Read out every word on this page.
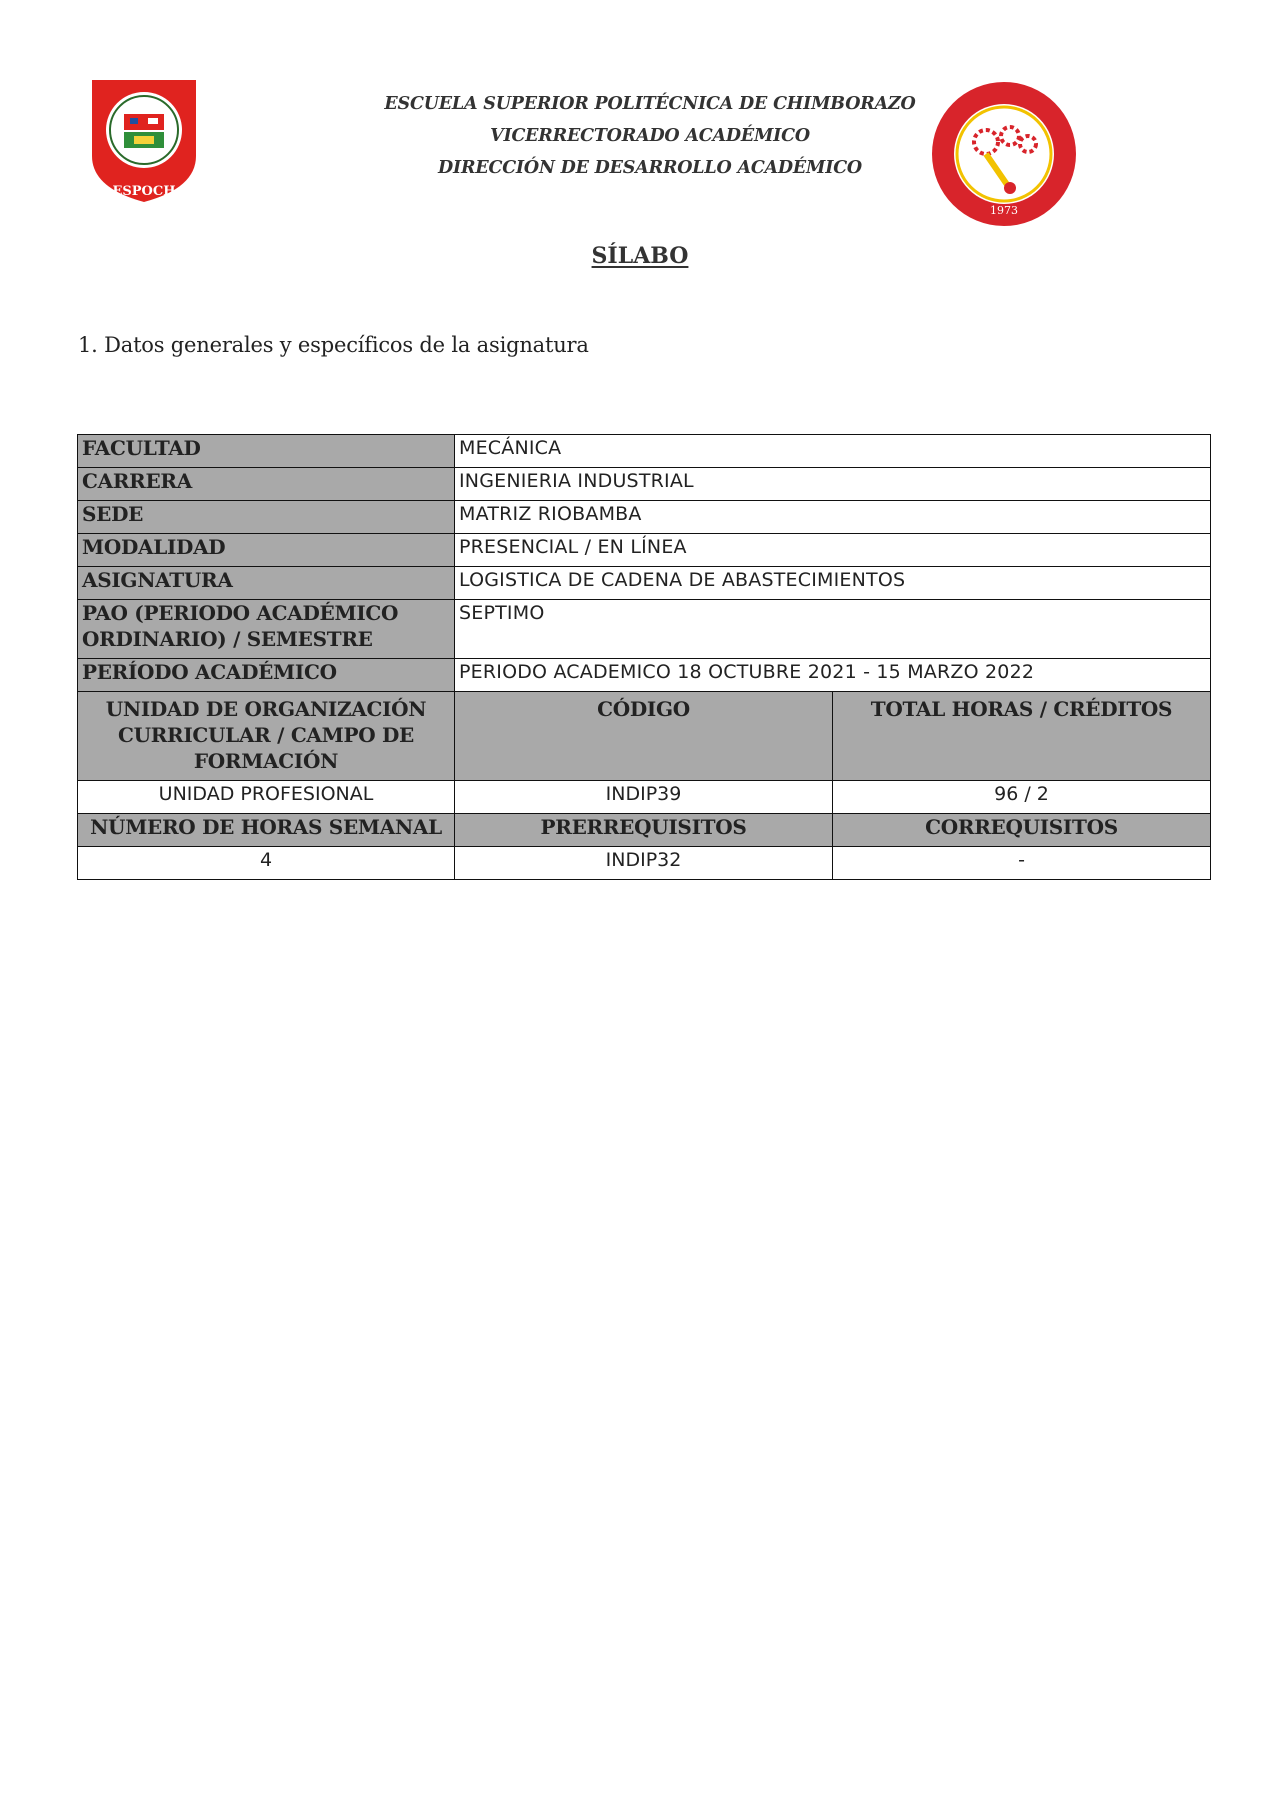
ESPOCH
1973
ESCUELA SUPERIOR POLITÉCNICA DE CHIMBORAZO
VICERRECTORADO ACADÉMICO
DIRECCIÓN DE DESARROLLO ACADÉMICO
SÍLABO
1. Datos generales y específicos de la asignatura
FACULTAD	MECÁNICA	
CARRERA	INGENIERIA INDUSTRIAL	
SEDE	MATRIZ RIOBAMBA	
MODALIDAD	PRESENCIAL / EN LÍNEA	
ASIGNATURA	LOGISTICA DE CADENA DE ABASTECIMIENTOS	
PAO (PERIODO ACADÉMICO ORDINARIO) / SEMESTRE	SEPTIMO	
PERÍODO ACADÉMICO	PERIODO ACADEMICO 18 OCTUBRE 2021 - 15 MARZO 2022	
UNIDAD DE ORGANIZACIÓN CURRICULAR / CAMPO DE FORMACIÓN	CÓDIGO	TOTAL HORAS / CRÉDITOS
UNIDAD PROFESIONAL	INDIP39	96 / 2
NÚMERO DE HORAS SEMANAL	PRERREQUISITOS	CORREQUISITOS
4	INDIP32	-
